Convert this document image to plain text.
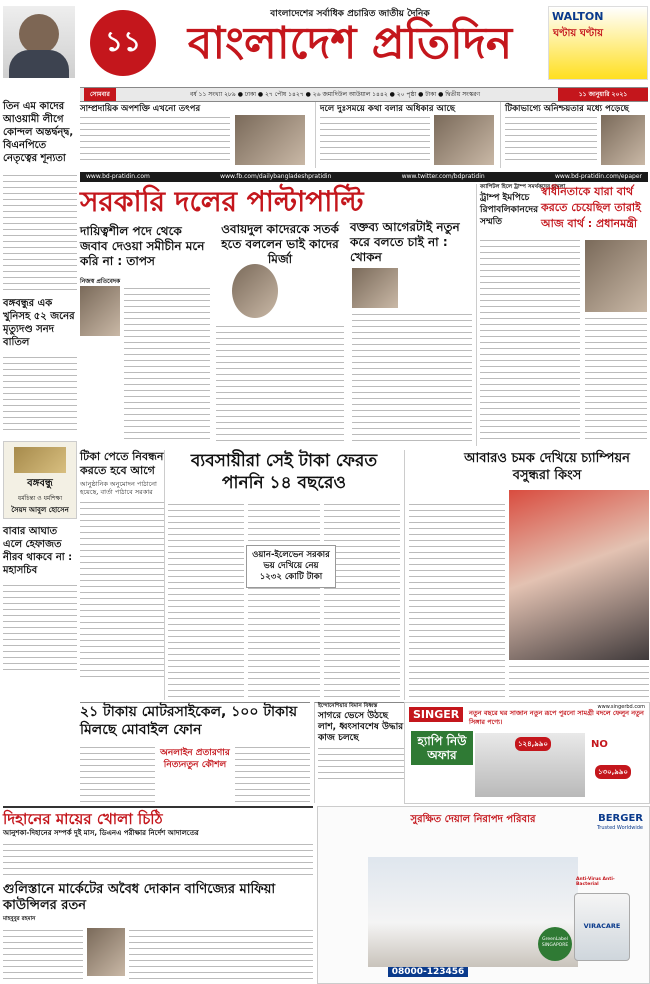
১১
বাংলাদেশের সর্বাধিক প্রচারিত জাতীয় দৈনিক
বাংলাদেশ প্রতিদিন
WALTON
ঘণ্টায় ঘণ্টায়
সোমবার	বর্ষ ১১ সংখ্যা ২৮৯ ● ঢাকা ● ২৭ পৌষ ১৪২৭ ● ২৬ জমাদিউল আউয়াল ১৪৪২ ● ২০ পৃষ্ঠা ● টাকা ● দ্বিতীয় সংস্করণ	১১ জানুয়ারি ২০২১
তিন এম কাদের আওয়ামী লীগে কোন্দল অন্তর্দ্বন্দ্ব, বিএনপিতে নেতৃত্বের শূন্যতা
বঙ্গবন্ধুর এক খুনিসহ ৫২ জনের মৃত্যুদণ্ড সনদ বাতিল
বঙ্গবন্ধু
ধর্মচিন্তা ও ধর্মশিক্ষা
সৈয়দ আবুল হোসেন
বাবার আঘাত এলে হেফাজত নীরব থাকবে না : মহাসচিব
সাম্প্রদায়িক অপশক্তি এখনো তৎপর	দলে দুঃসময়ে কথা বলার অধিকার আছে	টিকাভাগ্যে অনিশ্চয়তার মধ্যে পড়েছে
www.bd-pratidin.com	www.fb.com/dailybangladeshpratidin	www.twitter.com/bdpratidin	www.bd-pratidin.com/epaper
সরকারি দলের পাল্টাপাল্টি
দায়িত্বশীল পদে থেকে জবাব দেওয়া সমীচীন মনে করি না : তাপস
ওবায়দুল কাদেরকে সতর্ক হতে বললেন ভাই কাদের মির্জা
বক্তব্য আগেরটাই নতুন করে বলতে চাই না : খোকন
নিজস্ব প্রতিবেদক
ক্যাপিটল হিলে ট্রাম্প সমর্থকদের হামলা
ট্রাম্প ইমপিচে রিপাবলিকানদের সম্মতি
স্বাধীনতাকে যারা বার্থ করতে চেয়েছিল তারাই আজ বার্থ : প্রধানমন্ত্রী
টিকা পেতে নিবন্ধন করতে হবে আগে
আনুষ্ঠানিক অনুমোদন পাঠানো হয়েছে, বার্তা পাঠাবে সরকার
ব্যবসায়ীরা সেই টাকা ফেরত পাননি ১৪ বছরেও
ওয়ান-ইলেভেন সরকার ভয় দেখিয়ে নেয় ১২৩২ কোটি টাকা
আবারও চমক দেখিয়ে চ্যাম্পিয়ন বসুন্ধরা কিংস
২১ টাকায় মোটরসাইকেল, ১০০ টাকায় মিলছে মোবাইল ফোন
অনলাইন প্রতারণার নিত্যনতুন কৌশল
ইন্দোনেশিয়ার বিমান বিধ্বস্ত
সাগরে ভেসে উঠছে লাশ, ধ্বংসাবশেষ উদ্ধার কাজ চলছে
www.singerbd.com
SINGER	নতুন বছরে ঘর সাজান নতুন রূপে পুরনো সামগ্রী বদলে ফেলুন নতুন সিঙ্গার পণ্যে।
হ্যাপি নিউ অফার
১২৪,৯৯০	NO
১৩০,৯৯০
দিহানের মায়ের খোলা চিঠি
আনুশকা-দিহানের সম্পর্ক দুই মাস, ডিএনএ পরীক্ষার নির্দেশ আদালতের
গুলিস্তানে মার্কেটের অবৈধ দোকান বাণিজ্যের মাফিয়া কাউন্সিলর রতন
মাহবুবুর রহমান
সুরক্ষিত দেয়াল নিরাপদ পরিবার	BERGER
Trusted Worldwide
VIRACARE
GreenLabel SINGAPORE
Anti-Virus Anti-Bacterial
08000-123456
